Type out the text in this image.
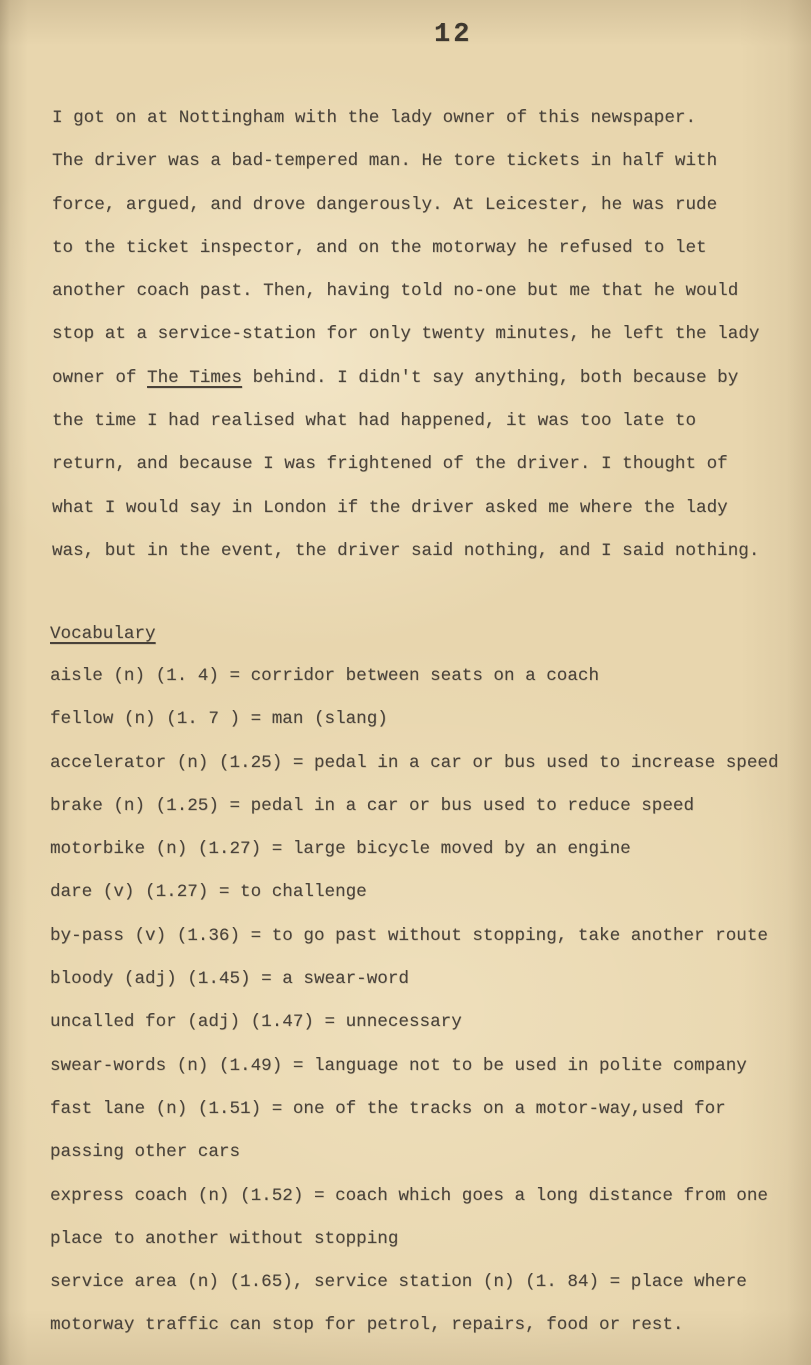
12
I got on at Nottingham with the lady owner of this newspaper.
The driver was a bad-tempered man. He tore tickets in half with
force, argued, and drove dangerously. At Leicester, he was rude
to the ticket inspector, and on the motorway he refused to let
another coach past. Then, having told no-one but me that he would
stop at a service-station for only twenty minutes, he left the lady
owner of The Times behind. I didn't say anything, both because by
the time I had realised what had happened, it was too late to
return, and because I was frightened of the driver. I thought of
what I would say in London if the driver asked me where the lady
was, but in the event, the driver said nothing, and I said nothing.
Vocabulary
aisle (n) (1. 4) = corridor between seats on a coach
fellow (n) (1. 7 ) = man (slang)
accelerator (n) (1.25) = pedal in a car or bus used to increase speed
brake (n) (1.25) = pedal in a car or bus used to reduce speed
motorbike (n) (1.27) = large bicycle moved by an engine
dare (v) (1.27) = to challenge
by-pass (v) (1.36) = to go past without stopping, take another route
bloody (adj) (1.45) = a swear-word
uncalled for (adj) (1.47) = unnecessary
swear-words (n) (1.49) = language not to be used in polite company
fast lane (n) (1.51) = one of the tracks on a motor-way,used for
passing other cars
express coach (n) (1.52) = coach which goes a long distance from one
place to another without stopping
service area (n) (1.65), service station (n) (1. 84) = place where
motorway traffic can stop for petrol, repairs, food or rest.
